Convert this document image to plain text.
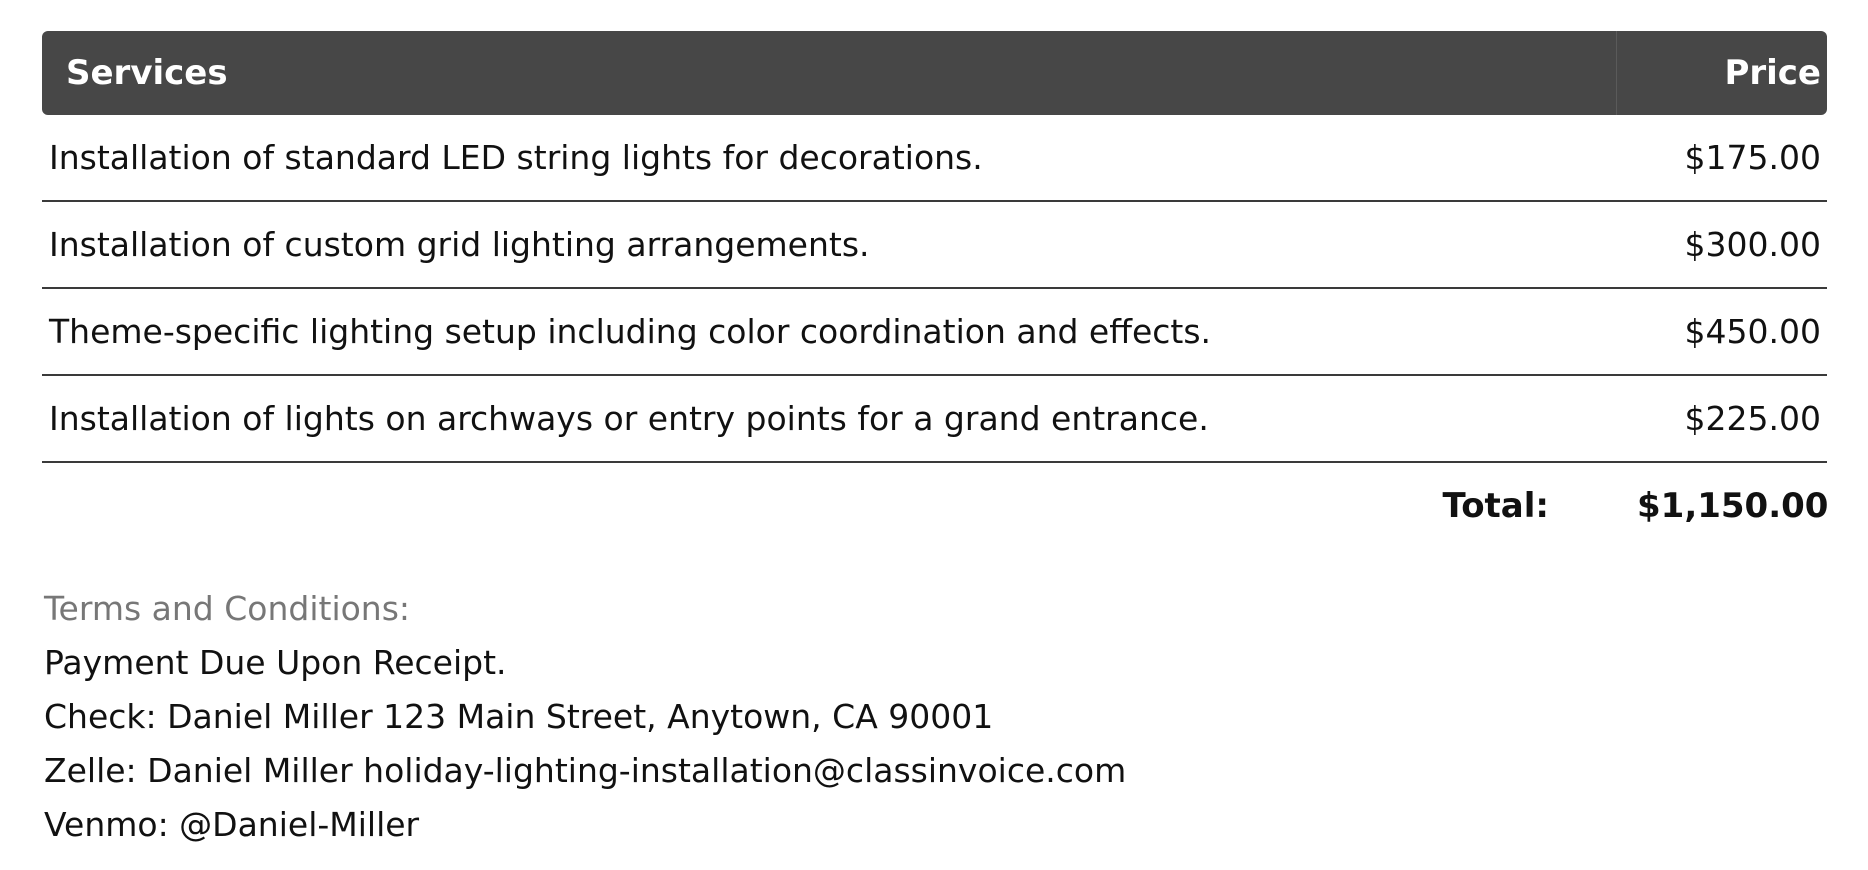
Services	Price
Installation of standard LED string lights for decorations.	$175.00
Installation of custom grid lighting arrangements.	$300.00
Theme-specific lighting setup including color coordination and effects.	$450.00
Installation of lights on archways or entry points for a grand entrance.	$225.00
Total:	$1,150.00
Terms and Conditions:
Payment Due Upon Receipt.
Check: Daniel Miller 123 Main Street, Anytown, CA 90001
Zelle: Daniel Miller holiday-lighting-installation@classinvoice.com
Venmo: @Daniel-Miller
